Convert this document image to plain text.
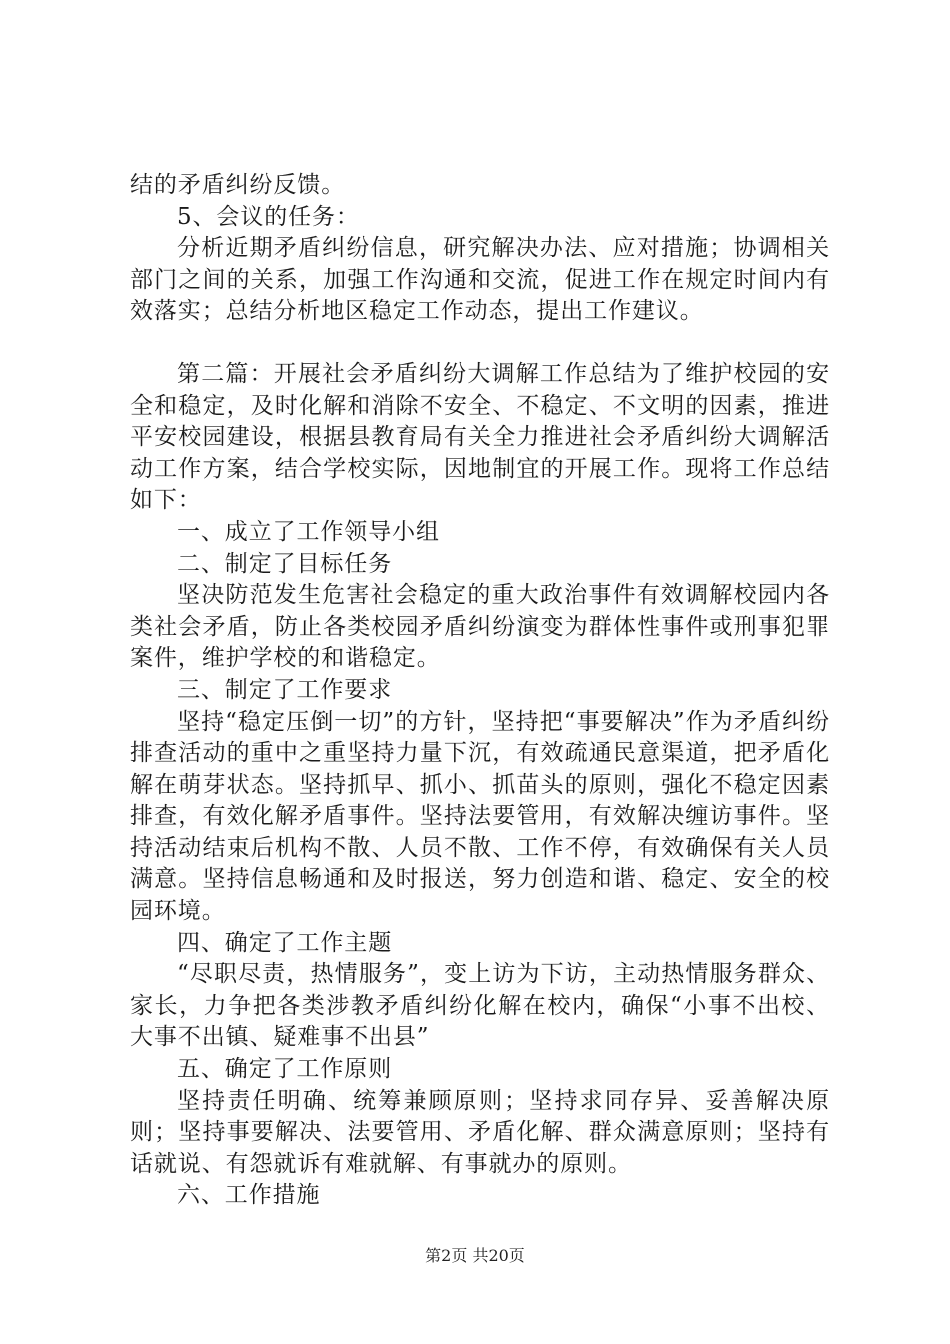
结的矛盾纠纷反馈。

5、会议的任务：

分析近期矛盾纠纷信息，研究解决办法、应对措施；协调相关部门之间的关系，加强工作沟通和交流，促进工作在规定时间内有效落实；总结分析地区稳定工作动态，提出工作建议。

第二篇：开展社会矛盾纠纷大调解工作总结为了维护校园的安全和稳定，及时化解和消除不安全、不稳定、不文明的因素，推进平安校园建设，根据县教育局有关全力推进社会矛盾纠纷大调解活动工作方案，结合学校实际，因地制宜的开展工作。现将工作总结如下：

一、成立了工作领导小组

二、制定了目标任务

坚决防范发生危害社会稳定的重大政治事件有效调解校园内各类社会矛盾，防止各类校园矛盾纠纷演变为群体性事件或刑事犯罪案件，维护学校的和谐稳定。

三、制定了工作要求

坚持“稳定压倒一切”的方针，坚持把“事要解决”作为矛盾纠纷排查活动的重中之重坚持力量下沉，有效疏通民意渠道，把矛盾化解在萌芽状态。坚持抓早、抓小、抓苗头的原则，强化不稳定因素排查，有效化解矛盾事件。坚持法要管用，有效解决缠访事件。坚持活动结束后机构不散、人员不散、工作不停，有效确保有关人员满意。坚持信息畅通和及时报送，努力创造和谐、稳定、安全的校园环境。

四、确定了工作主题

“尽职尽责，热情服务”，变上访为下访，主动热情服务群众、家长，力争把各类涉教矛盾纠纷化解在校内，确保“小事不出校、大事不出镇、疑难事不出县”

五、确定了工作原则

坚持责任明确、统筹兼顾原则；坚持求同存异、妥善解决原则；坚持事要解决、法要管用、矛盾化解、群众满意原则；坚持有话就说、有怨就诉有难就解、有事就办的原则。

六、工作措施

第2页 共20页
